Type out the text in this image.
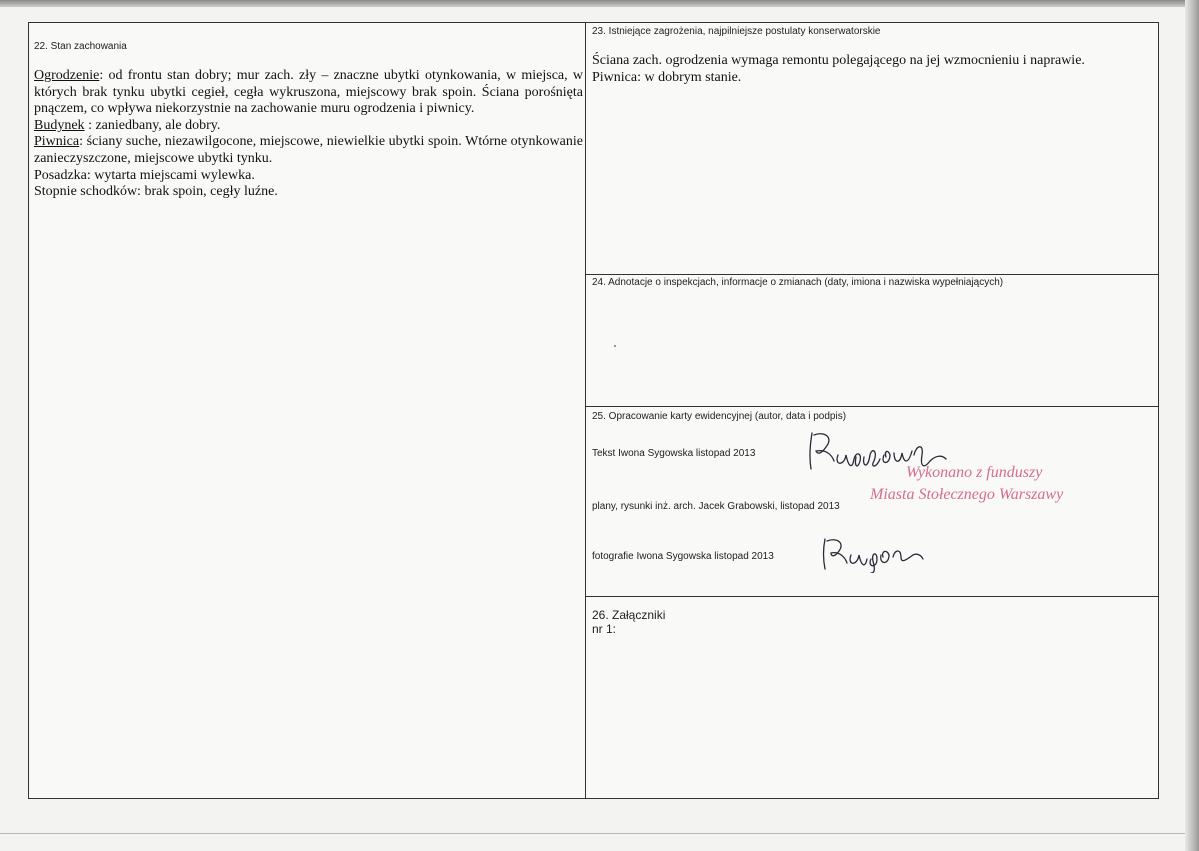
22. Stan zachowania
Ogrodzenie: od frontu stan dobry; mur zach. zły – znaczne ubytki otynkowania, w miejsca, w których brak tynku ubytki cegieł, cegła wykruszona, miejscowy brak spoin. Ściana porośnięta pnączem, co wpływa niekorzystnie na zachowanie muru ogrodzenia i piwnicy.
Budynek : zaniedbany, ale dobry.
Piwnica: ściany suche, niezawilgocone, miejscowe, niewielkie ubytki spoin. Wtórne otynkowanie zanieczyszczone, miejscowe ubytki tynku.
Posadzka: wytarta miejscami wylewka.
Stopnie schodków: brak spoin, cegły luźne.
23. Istniejące zagrożenia, najpilniejsze postulaty konserwatorskie
Ściana zach. ogrodzenia wymaga remontu polegającego na jej wzmocnieniu i naprawie.
Piwnica: w dobrym stanie.
24. Adnotacje o inspekcjach, informacje o zmianach (daty, imiona i nazwiska wypełniających)
25. Opracowanie karty ewidencyjnej (autor, data i podpis)
Tekst Iwona Sygowska listopad 2013
plany, rysunki inż. arch. Jacek Grabowski, listopad 2013
fotografie Iwona Sygowska listopad 2013
Wykonano z funduszy
Miasta Stołecznego Warszawy
26. Załączniki
nr 1:
